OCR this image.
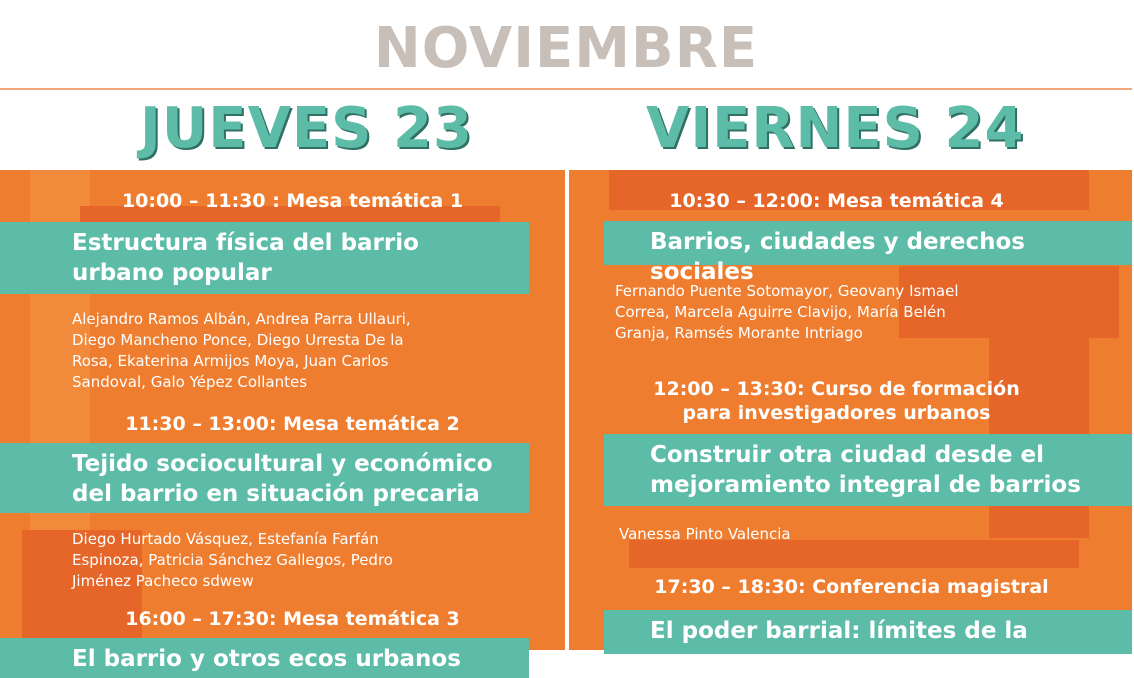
NOVIEMBRE
JUEVES 23	VIERNES 24
10:00 – 11:30 : Mesa temática 1
Estructura física del barrio
urbano popular
Alejandro Ramos Albán, Andrea Parra Ullauri,
Diego Mancheno Ponce, Diego Urresta De la
Rosa, Ekaterina Armijos Moya, Juan Carlos
Sandoval, Galo Yépez Collantes
11:30 – 13:00: Mesa temática 2
Tejido sociocultural y económico
del barrio en situación precaria
Diego Hurtado Vásquez, Estefanía Farfán
Espinoza, Patricia Sánchez Gallegos, Pedro
Jiménez Pacheco sdwew
16:00 – 17:30: Mesa temática 3
El barrio y otros ecos urbanos
10:30 – 12:00: Mesa temática 4
Barrios, ciudades y derechos sociales
Fernando Puente Sotomayor, Geovany Ismael
Correa, Marcela Aguirre Clavijo, María Belén
Granja, Ramsés Morante Intriago
12:00 – 13:30: Curso de formación
para investigadores urbanos
Construir otra ciudad desde el
mejoramiento integral de barrios
Vanessa Pinto Valencia
17:30 – 18:30: Conferencia magistral
El poder barrial: límites de la
